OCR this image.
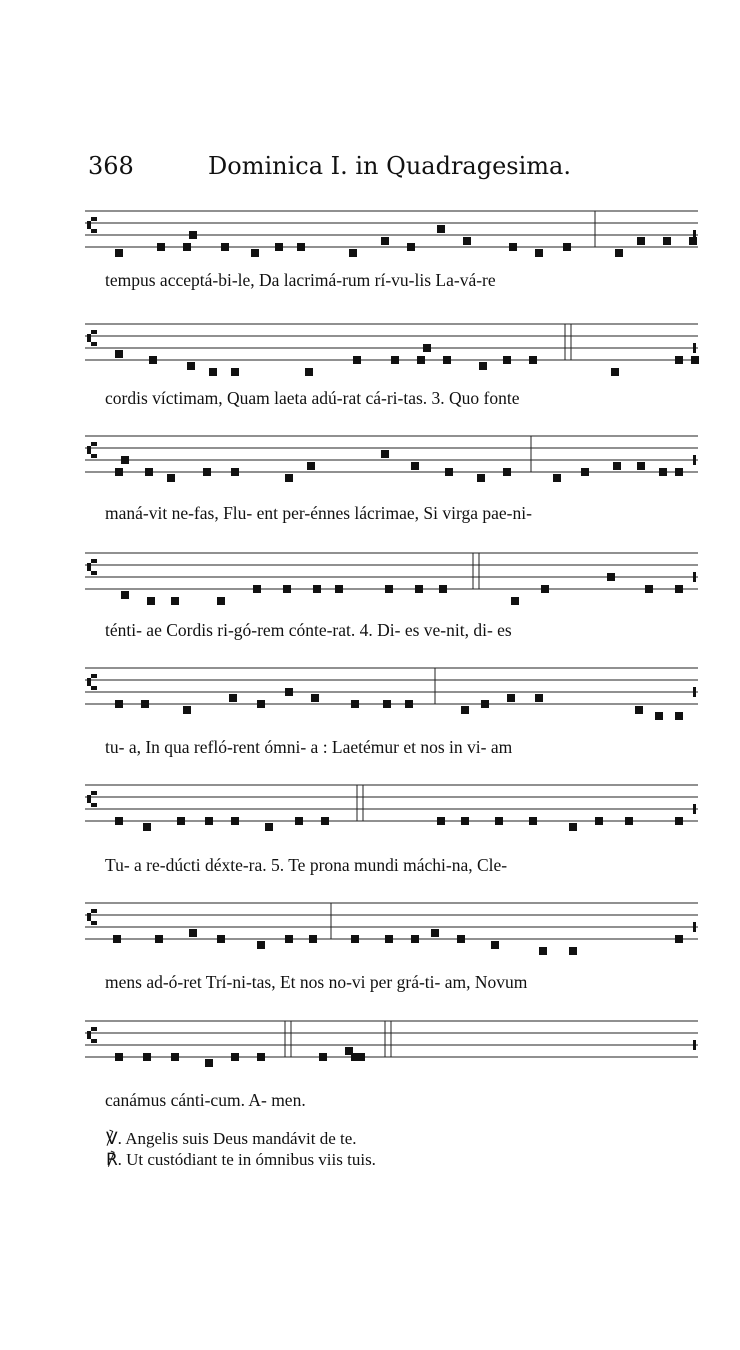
368	Dominica I. in Quadragesima.
tempus acceptá-bi-le, Da lacrimá-rum rí-vu-lis La-vá-re
cordis víctimam, Quam laeta adú-rat cá-ri-tas. 3. Quo fonte
maná-vit ne-fas, Flu- ent per-énnes lácrimae, Si virga pae-ni-
ténti- ae Cordis ri-gó-rem cónte-rat. 4. Di- es ve-nit, di- es
tu- a, In qua refló-rent ómni- a : Laetémur et nos in vi- am
Tu- a re-dúcti déxte-ra. 5. Te prona mundi máchi-na, Cle-
mens ad-ó-ret Trí-ni-tas, Et nos no-vi per grá-ti- am, Novum
canámus cánti-cum. A- men.
℣. Angelis suis Deus mandávit de te.
℟. Ut custódiant te in ómnibus viis tuis.
